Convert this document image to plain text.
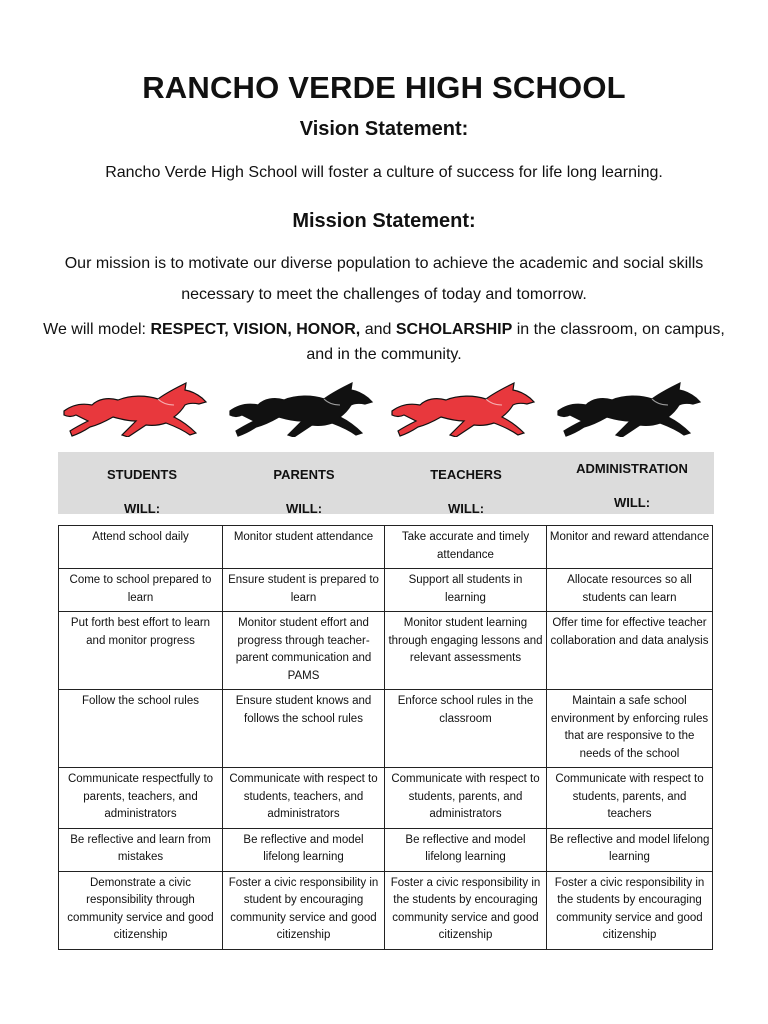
RANCHO VERDE HIGH SCHOOL
Vision Statement:
Rancho Verde High School will foster a culture of success for life long learning.
Mission Statement:
Our mission is to motivate our diverse population to achieve the academic and social skills necessary to meet the challenges of today and tomorrow.
We will model: RESPECT, VISION, HONOR, and SCHOLARSHIP in the classroom, on campus, and in the community.
STUDENTS
WILL:
PARENTS
WILL:
TEACHERS
WILL:
ADMINISTRATION
WILL:
Attend school daily	Monitor student attendance	Take accurate and timely attendance	Monitor and reward attendance
Come to school prepared to learn	Ensure student is prepared to learn	Support all students in learning	Allocate resources so all students can learn
Put forth best effort to learn and monitor progress	Monitor student effort and progress through teacher-parent communication and PAMS	Monitor student learning through engaging lessons and relevant assessments	Offer time for effective teacher collaboration and data analysis
Follow the school rules	Ensure student knows and follows the school rules	Enforce school rules in the classroom	Maintain a safe school environment by enforcing rules that are responsive to the needs of the school
Communicate respectfully to parents, teachers, and administrators	Communicate with respect to students, teachers, and administrators	Communicate with respect to students, parents, and administrators	Communicate with respect to students, parents, and teachers
Be reflective and learn from mistakes	Be reflective and model lifelong learning	Be reflective and model lifelong learning	Be reflective and model lifelong learning
Demonstrate a civic responsibility through community service and good citizenship	Foster a civic responsibility in student by encouraging community service and good citizenship	Foster a civic responsibility in the students by encouraging community service and good citizenship	Foster a civic responsibility in the students by encouraging community service and good citizenship
